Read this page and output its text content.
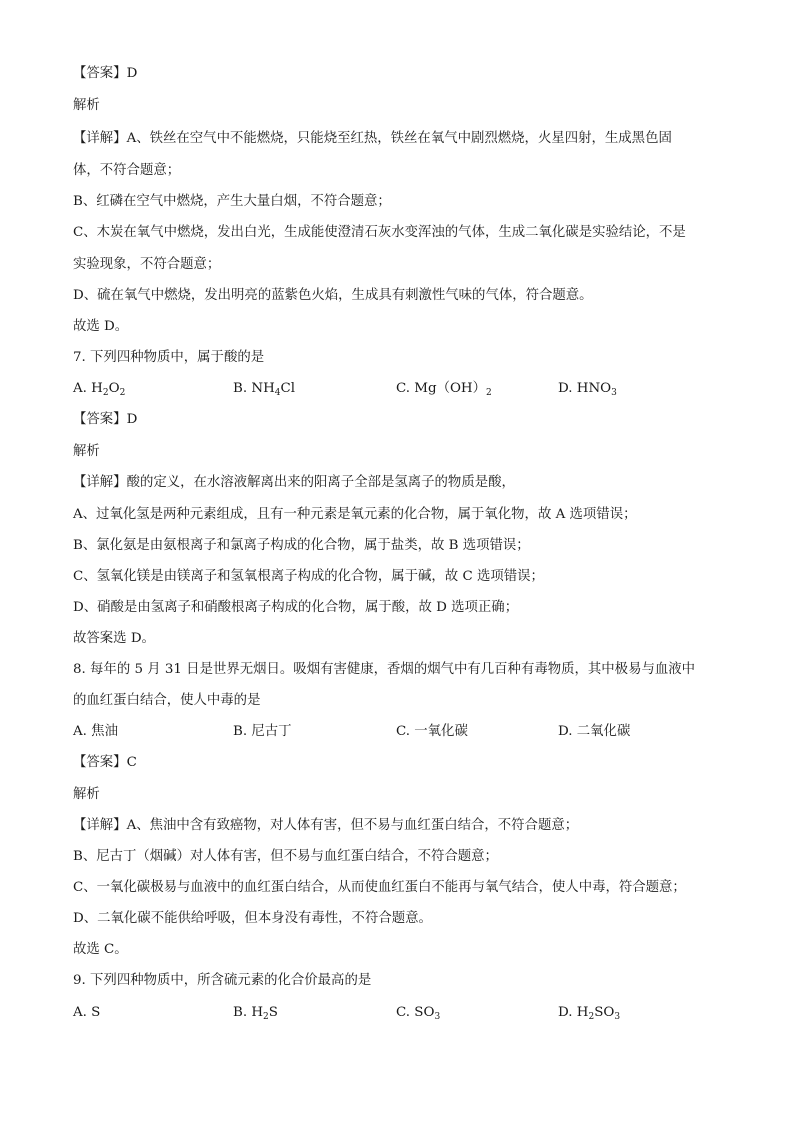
【答案】D
解析
【详解】A、铁丝在空气中不能燃烧，只能烧至红热，铁丝在氧气中剧烈燃烧，火星四射，生成黑色固
体，不符合题意；
B、红磷在空气中燃烧，产生大量白烟，不符合题意；
C、木炭在氧气中燃烧，发出白光，生成能使澄清石灰水变浑浊的气体，生成二氧化碳是实验结论，不是
实验现象，不符合题意；
D、硫在氧气中燃烧，发出明亮的蓝紫色火焰，生成具有刺激性气味的气体，符合题意。
故选 D。
7. 下列四种物质中，属于酸的是
A. $H_2O_2$	B. $NH_4Cl$	C. $Mg(OH)_2$	D. $HNO_3$
【答案】D
解析
【详解】酸的定义，在水溶液解离出来的阳离子全部是氢离子的物质是酸，
A、过氧化氢是两种元素组成，且有一种元素是氧元素的化合物，属于氧化物，故 A 选项错误；
B、氯化氨是由氨根离子和氯离子构成的化合物，属于盐类，故 B 选项错误；
C、氢氧化镁是由镁离子和氢氧根离子构成的化合物，属于碱，故 C 选项错误；
D、硝酸是由氢离子和硝酸根离子构成的化合物，属于酸，故 D 选项正确；
故答案选 D。
8. 每年的 5 月 31 日是世界无烟日。吸烟有害健康，香烟的烟气中有几百种有毒物质，其中极易与血液中
的血红蛋白结合，使人中毒的是
A. 焦油	B. 尼古丁	C. 一氧化碳	D. 二氧化碳
【答案】C
解析
【详解】A、焦油中含有致癌物，对人体有害，但不易与血红蛋白结合，不符合题意；
B、尼古丁（烟碱）对人体有害，但不易与血红蛋白结合，不符合题意；
C、一氧化碳极易与血液中的血红蛋白结合，从而使血红蛋白不能再与氧气结合，使人中毒，符合题意；
D、二氧化碳不能供给呼吸，但本身没有毒性，不符合题意。
故选 C。
9. 下列四种物质中，所含硫元素的化合价最高的是
A. S	B. $H_2S$	C. $SO_3$	D. $H_2SO_3$
